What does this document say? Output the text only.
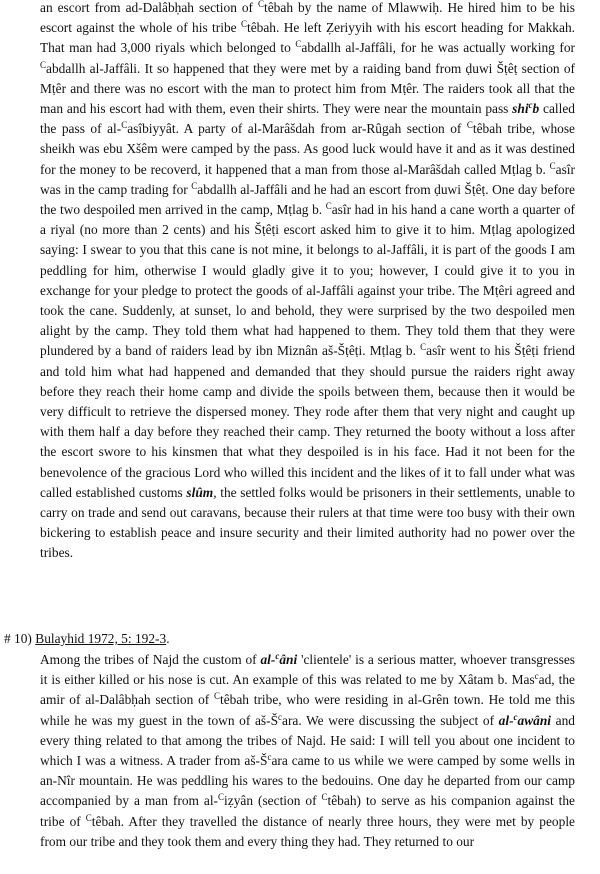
an escort from ad-Dalâbḥah section of $^C$têbah by the name of Mlawwiḥ. He hired him to be his escort against the whole of his tribe $^C$têbah. He left Ẓeriyyih with his escort heading for Makkah. That man had 3,000 riyals which belonged to $^C$abdallh al-Jaffâli, for he was actually working for $^C$abdallh al-Jaffâli. It so happened that they were met by a raiding band from ḍuwi Šṭêṭ section of Mṭêr and there was no escort with the man to protect him from Mṭêr. The raiders took all that the man and his escort had with them, even their shirts. They were near the mountain pass shi$^c$b called the pass of al-$^C$asîbiyyât. A party of al-Marâšdah from ar-Rûgah section of $^C$têbah tribe, whose sheikh was ebu Xšêm were camped by the pass. As good luck would have it and as it was destined for the money to be recoverd, it happened that a man from those al-Marâšdah called Mṭlag b. $^C$asîr was in the camp trading for $^C$abdallh al-Jaffâli and he had an escort from ḍuwi Šṭêṭ. One day before the two despoiled men arrived in the camp, Mṭlag b. $^C$asîr had in his hand a cane worth a quarter of a riyal (no more than 2 cents) and his Šṭêṭi escort asked him to give it to him. Mṭlag apologized saying: I swear to you that this cane is not mine, it belongs to al-Jaffâli, it is part of the goods I am peddling for him, otherwise I would gladly give it to you; however, I could give it to you in exchange for your pledge to protect the goods of al-Jaffâli against your tribe. The Mṭêri agreed and took the cane. Suddenly, at sunset, lo and behold, they were surprised by the two despoiled men alight by the camp. They told them what had happened to them. They told them that they were plundered by a band of raiders lead by ibn Miznân aš-Šṭêṭi. Mṭlag b. $^C$asîr went to his Šṭêṭi friend and told him what had happened and demanded that they should pursue the raiders right away before they reach their home camp and divide the spoils between them, because then it would be very difficult to retrieve the dispersed money. They rode after them that very night and caught up with them half a day before they reached their camp. They returned the booty without a loss after the escort swore to his kinsmen that what they despoiled is in his face. Had it not been for the benevolence of the gracious Lord who willed this incident and the likes of it to fall under what was called established customs slûm, the settled folks would be prisoners in their settlements, unable to carry on trade and send out caravans, because their rulers at that time were too busy with their own bickering to establish peace and insure security and their limited authority had no power over the tribes.

# 10) Bulayhid 1972, 5: 192-3.

Among the tribes of Najd the custom of al-$^c$âni 'clientele' is a serious matter, whoever transgresses it is either killed or his nose is cut. An example of this was related to me by Xâtam b. Mas$^c$ad, the amir of al-Dalâbḥah section of $^C$têbah tribe, who were residing in al-Grên town. He told me this while he was my guest in the town of $aš-Š^cara$. We were discussing the subject of al-$^c$awâni and every thing related to that among the tribes of Najd. He said: I will tell you about one incident to which I was a witness. A trader from $aš-Š^cara$ came to us while we were camped by some wells in an-Nîr mountain. He was peddling his wares to the bedouins. One day he departed from our camp accompanied by a man from al-$^C$iẓyân (section of $^C$têbah) to serve as his companion against the tribe of $^C$têbah. After they travelled the distance of nearly three hours, they were met by people from our tribe and they took them and every thing they had. They returned to our
